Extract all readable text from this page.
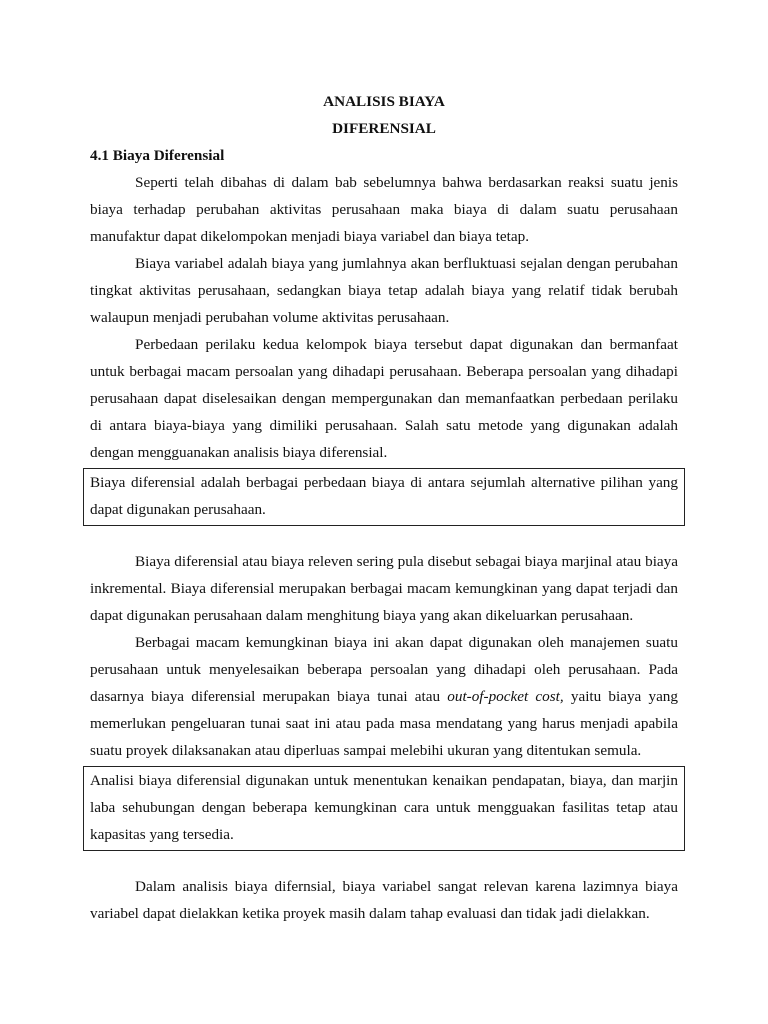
ANALISIS BIAYA
DIFERENSIAL
4.1 Biaya Diferensial

Seperti telah dibahas di dalam bab sebelumnya bahwa berdasarkan reaksi suatu jenis biaya terhadap perubahan aktivitas perusahaan maka biaya di dalam suatu perusahaan manufaktur dapat dikelompokan menjadi biaya variabel dan biaya tetap.

Biaya variabel adalah biaya yang jumlahnya akan berfluktuasi sejalan dengan perubahan tingkat aktivitas perusahaan, sedangkan biaya tetap adalah biaya yang relatif tidak berubah walaupun menjadi perubahan volume aktivitas perusahaan.

Perbedaan perilaku kedua kelompok biaya tersebut dapat digunakan dan bermanfaat untuk berbagai macam persoalan yang dihadapi perusahaan. Beberapa persoalan yang dihadapi perusahaan dapat diselesaikan dengan mempergunakan dan memanfaatkan perbedaan perilaku di antara biaya-biaya yang dimiliki perusahaan. Salah satu metode yang digunakan adalah dengan mengguanakan analisis biaya diferensial.

Biaya diferensial adalah berbagai perbedaan biaya di antara sejumlah alternative pilihan yang dapat digunakan perusahaan.

Biaya diferensial atau biaya releven sering pula disebut sebagai biaya marjinal atau biaya inkremental. Biaya diferensial merupakan berbagai macam kemungkinan yang dapat terjadi dan dapat digunakan perusahaan dalam menghitung biaya yang akan dikeluarkan perusahaan.

Berbagai macam kemungkinan biaya ini akan dapat digunakan oleh manajemen suatu perusahaan untuk menyelesaikan beberapa persoalan yang dihadapi oleh perusahaan. Pada dasarnya biaya diferensial merupakan biaya tunai atau out-of-pocket cost, yaitu biaya yang memerlukan pengeluaran tunai saat ini atau pada masa mendatang yang harus menjadi apabila suatu proyek dilaksanakan atau diperluas sampai melebihi ukuran yang ditentukan semula.

Analisi biaya diferensial digunakan untuk menentukan kenaikan pendapatan, biaya, dan marjin laba sehubungan dengan beberapa kemungkinan cara untuk mengguakan fasilitas tetap atau kapasitas yang tersedia.

Dalam analisis biaya difernsial, biaya variabel sangat relevan karena lazimnya biaya variabel dapat dielakkan ketika proyek masih dalam tahap evaluasi dan tidak jadi dielakkan.
